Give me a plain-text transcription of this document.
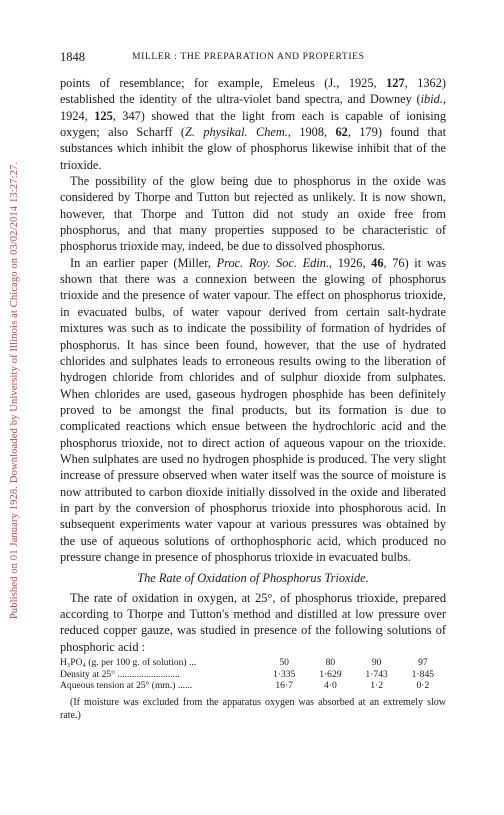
Published on 01 January 1928. Downloaded by University of Illinois at Chicago on 03/02/2014 13:27:27.
1848	MILLER : THE PREPARATION AND PROPERTIES

points of resemblance; for example, Emeleus (J., 1925, 127, 1362) established the identity of the ultra-violet band spectra, and Downey (ibid., 1924, 125, 347) showed that the light from each is capable of ionising oxygen; also Scharff (Z. physikal. Chem., 1908, 62, 179) found that substances which inhibit the glow of phosphorus likewise inhibit that of the trioxide.

The possibility of the glow being due to phosphorus in the oxide was considered by Thorpe and Tutton but rejected as unlikely. It is now shown, however, that Thorpe and Tutton did not study an oxide free from phosphorus, and that many properties supposed to be characteristic of phosphorus trioxide may, indeed, be due to dissolved phosphorus.

In an earlier paper (Miller, Proc. Roy. Soc. Edin., 1926, 46, 76) it was shown that there was a connexion between the glowing of phosphorus trioxide and the presence of water vapour. The effect on phosphorus trioxide, in evacuated bulbs, of water vapour derived from certain salt-hydrate mixtures was such as to indicate the possibility of formation of hydrides of phosphorus. It has since been found, however, that the use of hydrated chlorides and sulphates leads to erroneous results owing to the liberation of hydrogen chloride from chlorides and of sulphur dioxide from sulphates. When chlorides are used, gaseous hydrogen phosphide has been definitely proved to be amongst the final products, but its formation is due to complicated reactions which ensue between the hydrochloric acid and the phosphorus trioxide, not to direct action of aqueous vapour on the trioxide. When sulphates are used no hydrogen phosphide is produced. The very slight increase of pressure observed when water itself was the source of moisture is now attributed to carbon dioxide initially dissolved in the oxide and liberated in part by the conversion of phosphorus trioxide into phosphorous acid. In subsequent experiments water vapour at various pressures was obtained by the use of aqueous solutions of orthophosphoric acid, which produced no pressure change in presence of phosphorus trioxide in evacuated bulbs.

The Rate of Oxidation of Phosphorus Trioxide.

The rate of oxidation in oxygen, at 25°, of phosphorus trioxide, prepared according to Thorpe and Tutton's method and distilled at low pressure over reduced copper gauze, was studied in presence of the following solutions of phosphoric acid :

H₃PO₄ (g. per 100 g. of solution) ...	50	80	90	97
Density at 25° ..........................	1·335	1·629	1·743	1·845
Aqueous tension at 25° (mm.) ......	16·7	4·0	1·2	0·2

(If moisture was excluded from the apparatus oxygen was absorbed at an extremely slow rate.)
